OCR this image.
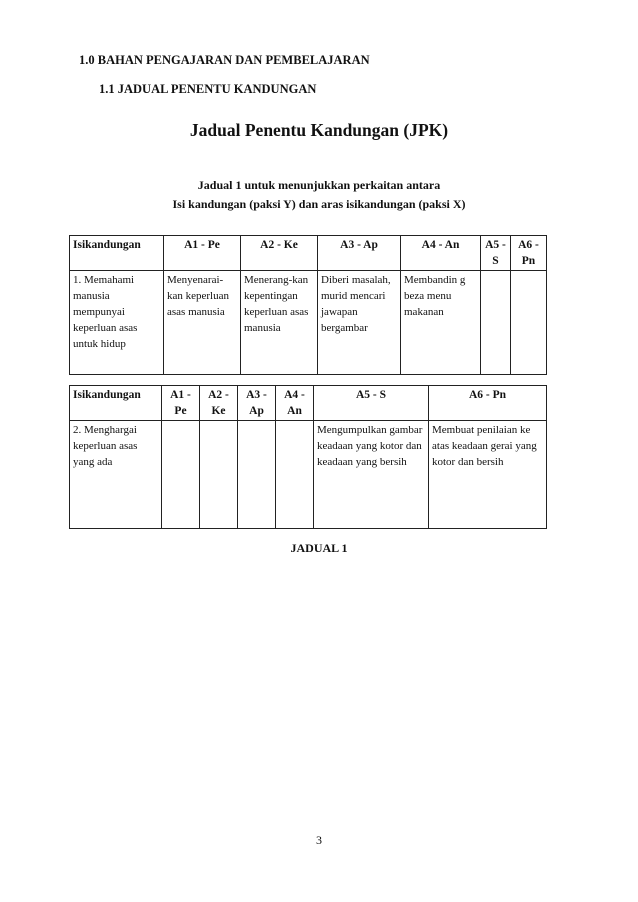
1.0 BAHAN PENGAJARAN DAN PEMBELAJARAN
1.1 JADUAL PENENTU KANDUNGAN
Jadual Penentu Kandungan (JPK)
Jadual 1 untuk menunjukkan perkaitan antara
Isi kandungan (paksi Y) dan aras isikandungan (paksi X)
Isikandungan	A1 - Pe	A2 - Ke	A3 - Ap	A4 - An	A5 - S	A6 - Pn
1. Memahami manusia mempunyai keperluan asas untuk hidup	Menyenarai-kan keperluan asas manusia	Menerang-kan kepentingan keperluan asas manusia	Diberi masalah, murid mencari jawapan bergambar	Membandin g beza menu makanan		
Isikandungan	A1 - Pe	A2 - Ke	A3 - Ap	A4 - An	A5 - S	A6 - Pn
2. Menghargai keperluan asas yang ada					Mengumpulkan gambar keadaan yang kotor dan keadaan yang bersih	Membuat penilaian ke atas keadaan gerai yang kotor dan bersih
JADUAL 1
3
